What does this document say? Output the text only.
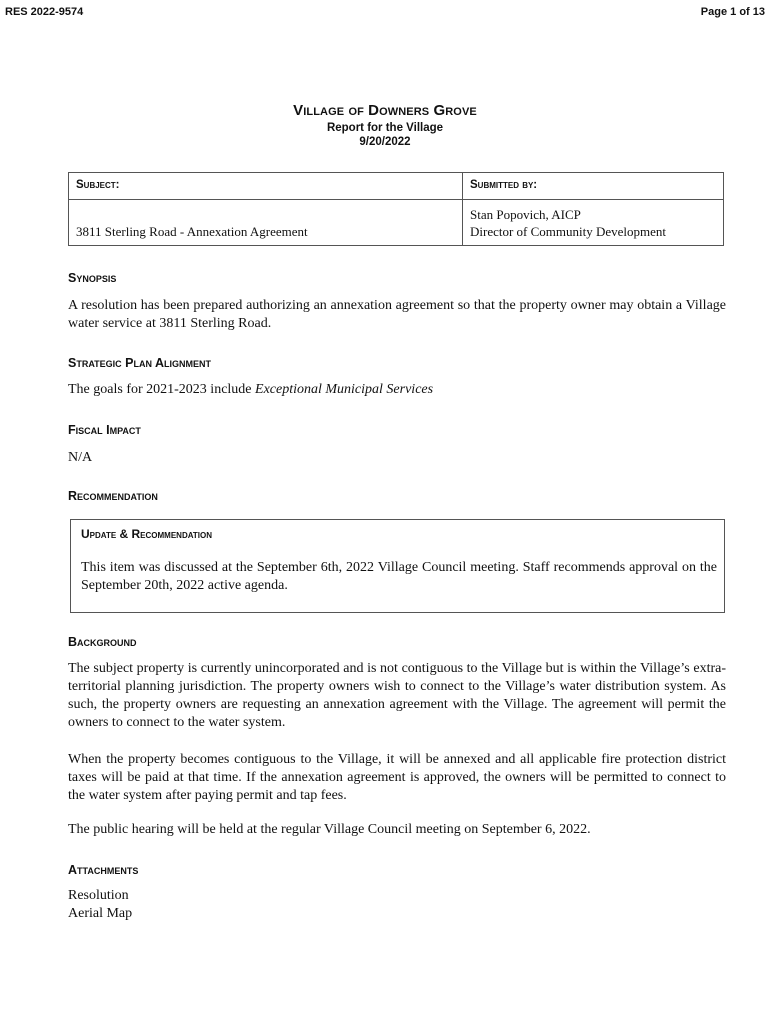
RES 2022-9574	Page 1 of 13
Village of Downers Grove
Report for the Village
9/20/2022
Subject:	Submitted by:
3811 Sterling Road - Annexation Agreement
Stan Popovich, AICP
Director of Community Development
Synopsis

A resolution has been prepared authorizing an annexation agreement so that the property owner may obtain a Village water service at 3811 Sterling Road.

Strategic Plan Alignment

The goals for 2021-2023 include Exceptional Municipal Services

Fiscal Impact

N/A

Recommendation
Update & Recommendation
This item was discussed at the September 6th, 2022 Village Council meeting. Staff recommends approval on the September 20th, 2022 active agenda.
Background

The subject property is currently unincorporated and is not contiguous to the Village but is within the Village’s extra-territorial planning jurisdiction. The property owners wish to connect to the Village’s water distribution system. As such, the property owners are requesting an annexation agreement with the Village. The agreement will permit the owners to connect to the water system.

When the property becomes contiguous to the Village, it will be annexed and all applicable fire protection district taxes will be paid at that time. If the annexation agreement is approved, the owners will be permitted to connect to the water system after paying permit and tap fees.

The public hearing will be held at the regular Village Council meeting on September 6, 2022.

Attachments
Resolution
Aerial Map
